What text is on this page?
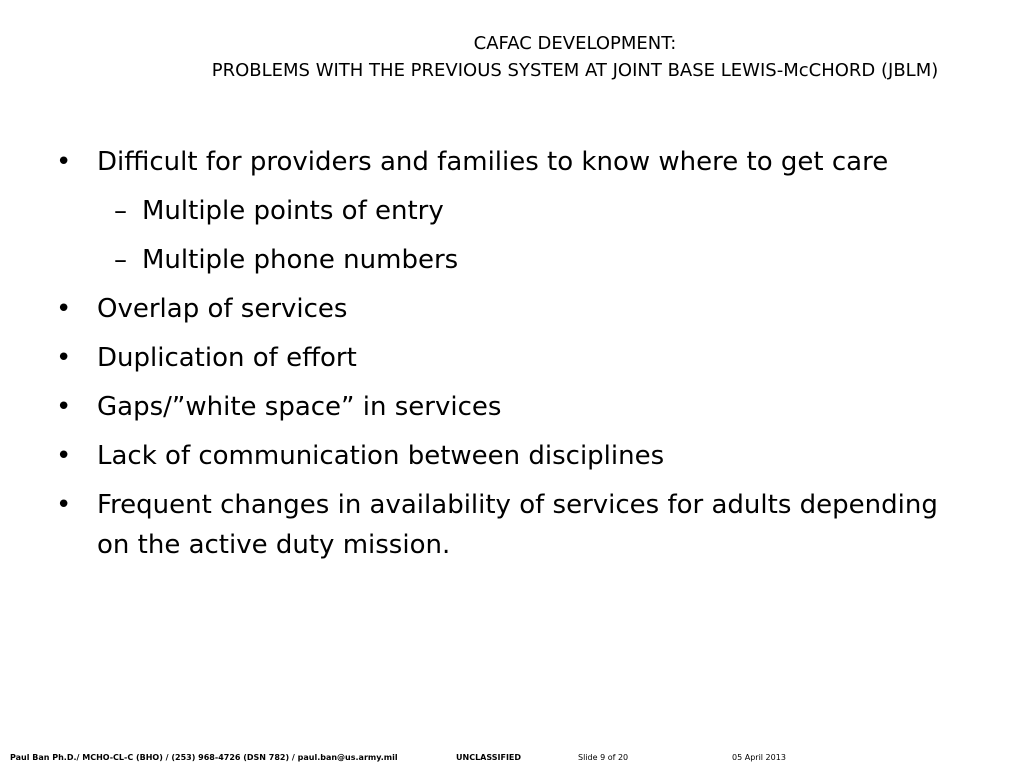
CAFAC DEVELOPMENT:
PROBLEMS WITH THE PREVIOUS SYSTEM AT JOINT BASE LEWIS-McCHORD (JBLM)
• Difficult for providers and families to know where to get care
– Multiple points of entry
– Multiple phone numbers
• Overlap of services
• Duplication of effort
• Gaps/”white space” in services
• Lack of communication between disciplines
• Frequent changes in availability of services for adults depending on the active duty mission.
Paul Ban Ph.D./ MCHO-CL-C (BHO) / (253) 968-4726 (DSN 782) / paul.ban@us.army.mil	UNCLASSIFIED	Slide 9 of 20	05 April 2013
